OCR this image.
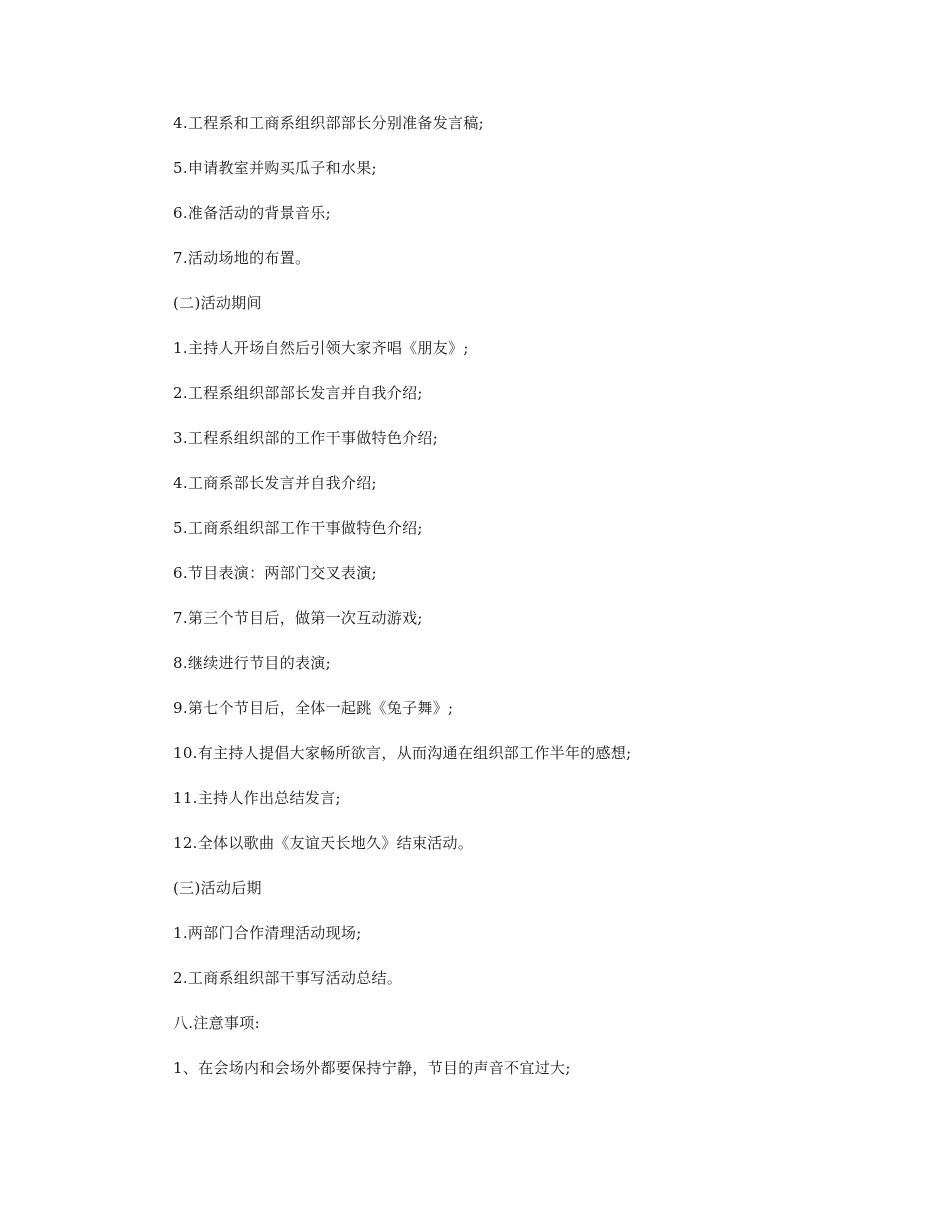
4.工程系和工商系组织部部长分别准备发言稿;
5.申请教室并购买瓜子和水果;
6.准备活动的背景音乐;
7.活动场地的布置。
(二)活动期间
1.主持人开场自然后引领大家齐唱《朋友》;
2.工程系组织部部长发言并自我介绍;
3.工程系组织部的工作干事做特色介绍;
4.工商系部长发言并自我介绍;
5.工商系组织部工作干事做特色介绍;
6.节目表演：两部门交叉表演;
7.第三个节目后，做第一次互动游戏;
8.继续进行节目的表演;
9.第七个节目后，全体一起跳《兔子舞》;
10.有主持人提倡大家畅所欲言，从而沟通在组织部工作半年的感想;
11.主持人作出总结发言;
12.全体以歌曲《友谊天长地久》结束活动。
(三)活动后期
1.两部门合作清理活动现场;
2.工商系组织部干事写活动总结。
八.注意事项:
1、在会场内和会场外都要保持宁静，节目的声音不宜过大;
